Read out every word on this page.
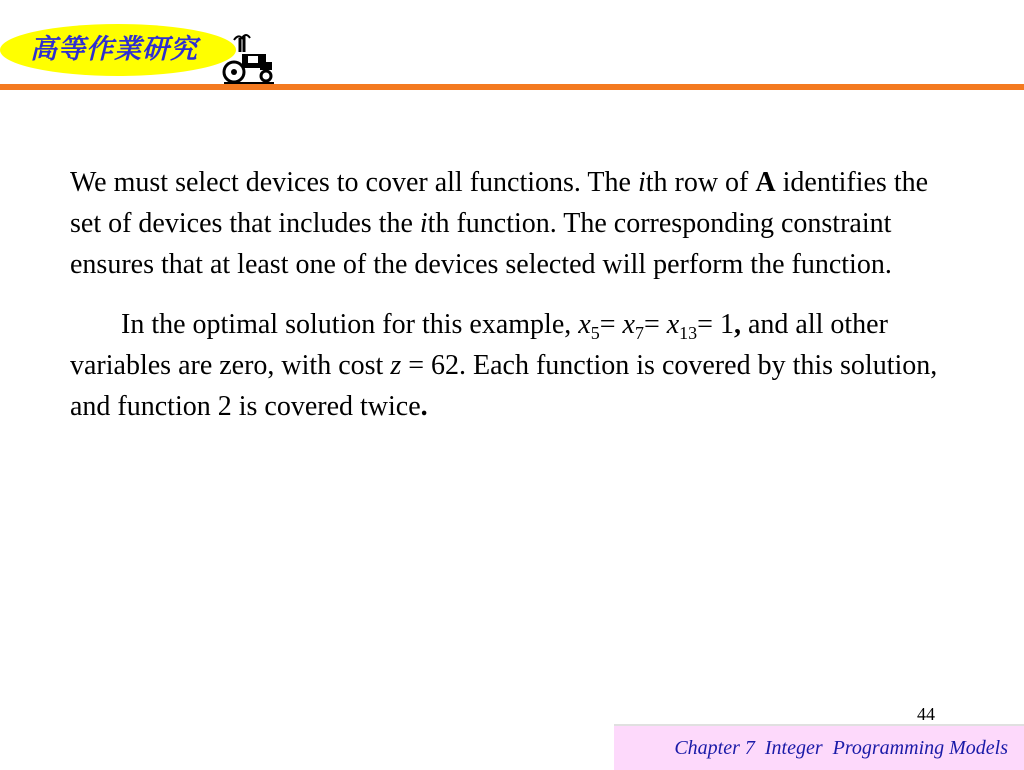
高等作業研究

We must select devices to cover all functions. The ith row of A identifies the set of devices that includes the ith function. The corresponding constraint ensures that at least one of the devices selected will perform the function.

In the optimal solution for this example, $x_5= x_7= x_{13}= 1$, and all other variables are zero, with cost z = 62. Each function is covered by this solution, and function 2 is covered twice.

44
Chapter 7  Integer  Programming Models
